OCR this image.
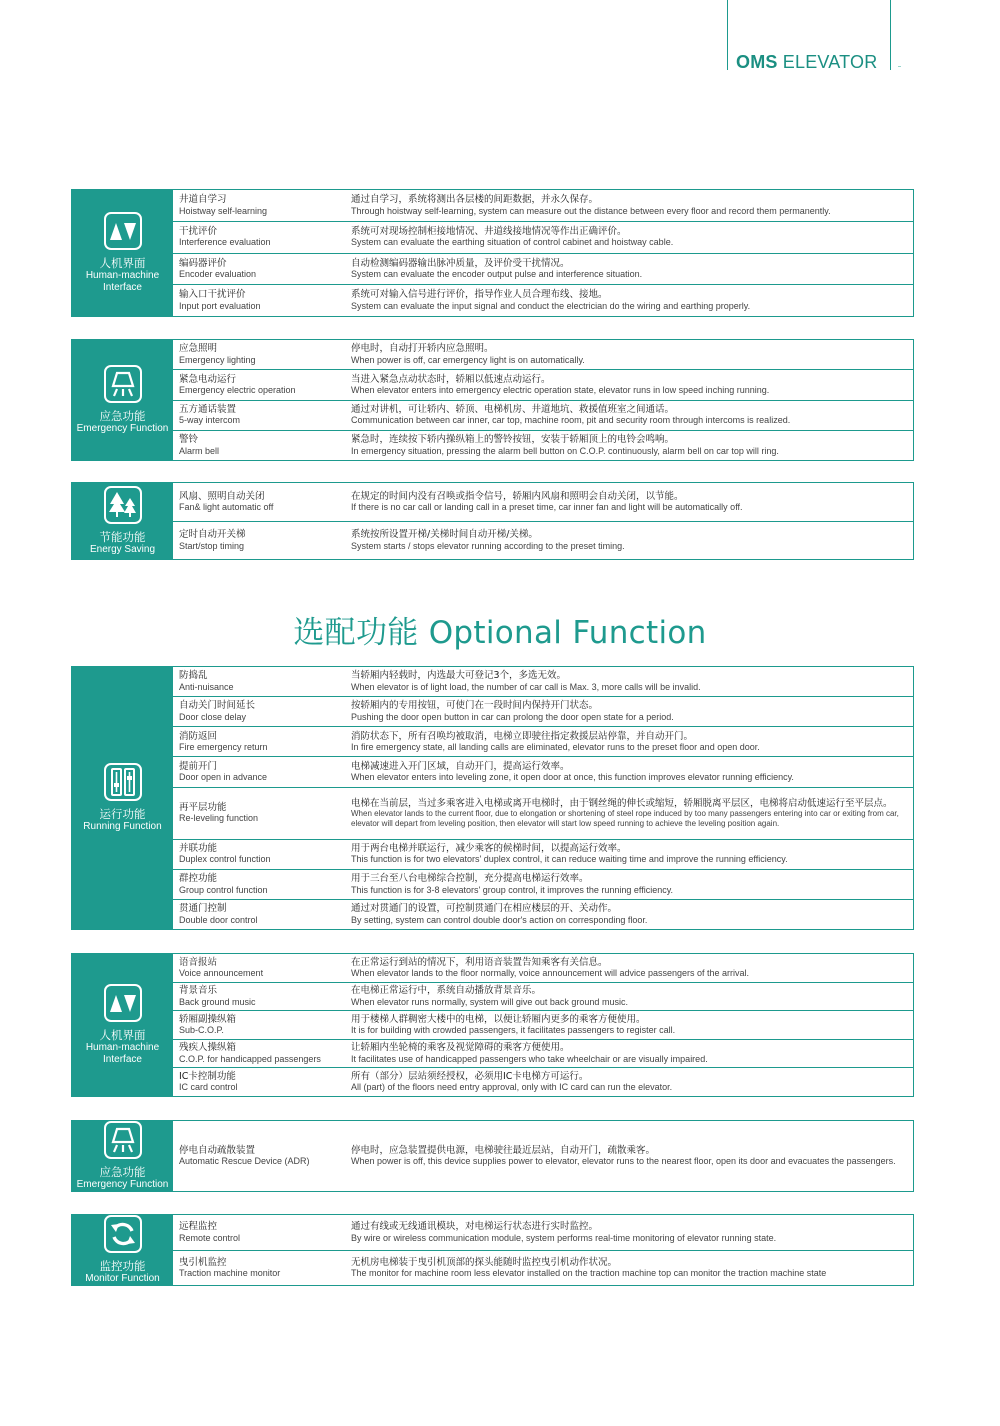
OMS ELEVATOR
人机界面
Human-machine Interface
井道自学习
Hoistway self-learning
通过自学习，系统将测出各层楼的间距数据，并永久保存。
Through hoistway self-learning, system can measure out the distance between every floor and record them permanently.
干扰评价
Interference evaluation
系统可对现场控制柜接地情况、井道线接地情况等作出正确评价。
System can evaluate the earthing situation of control cabinet and hoistway cable.
编码器评价
Encoder evaluation
自动检测编码器输出脉冲质量，及评价受干扰情况。
System can evaluate the encoder output pulse and interference situation.
输入口干扰评价
Input port evaluation
系统可对输入信号进行评价，指导作业人员合理布线、接地。
System can evaluate the input signal and conduct the electrician do the wiring and earthing properly.
应急功能
Emergency Function
应急照明
Emergency lighting
停电时，自动打开轿内应急照明。
When power is off, car emergency light is on automatically.
紧急电动运行
Emergency electric operation
当进入紧急点动状态时，轿厢以低速点动运行。
When elevator enters into emergency electric operation state, elevator runs in low speed inching running.
五方通话装置
5-way intercom
通过对讲机，可让轿内、轿顶、电梯机房、井道地坑、救援值班室之间通话。
Communication between car inner, car top, machine room, pit and security room through intercoms is realized.
警铃
Alarm bell
紧急时，连续按下轿内操纵箱上的警铃按钮，安装于轿厢顶上的电铃会鸣响。
In emergency situation, pressing the alarm bell button on C.O.P. continuously, alarm bell on car top will ring.
节能功能
Energy Saving
风扇、照明自动关闭
Fan& light automatic off
在规定的时间内没有召唤或指令信号，轿厢内风扇和照明会自动关闭，以节能。
If there is no car call or landing call in a preset time, car inner fan and light will be automatically off.
定时自动开关梯
Start/stop timing
系统按所设置开梯/关梯时间自动开梯/关梯。
System starts / stops elevator running according to the preset timing.
选配功能 Optional Function
运行功能
Running Function
防捣乱
Anti-nuisance
当轿厢内轻载时，内选最大可登记3个，多选无效。
When elevator is of light load, the number of car call is Max. 3, more calls will be invalid.
自动关门时间延长
Door close delay
按轿厢内的专用按钮，可使门在一段时间内保持开门状态。
Pushing the door open button in car can prolong the door open state for a period.
消防返回
Fire emergency return
消防状态下，所有召唤均被取消，电梯立即驶往指定救援层站停靠，并自动开门。
In fire emergency state, all landing calls are eliminated, elevator runs to the preset floor and open door.
提前开门
Door open in advance
电梯减速进入开门区域，自动开门，提高运行效率。
When elevator enters into leveling zone, it open door at once, this function improves elevator running efficiency.
再平层功能
Re-leveling function
电梯在当前层，当过多乘客进入电梯或离开电梯时，由于钢丝绳的伸长或缩短，轿厢脱离平层区，电梯将启动低速运行至平层点。
When elevator lands to the current floor, due to elongation or shortening of steel rope induced by too many passengers entering into car or exiting from car, elevator will depart from leveling position, then elevator will start low speed running to achieve the leveling position again.
并联功能
Duplex control function
用于两台电梯并联运行，减少乘客的候梯时间，以提高运行效率。
This function is for two elevators' duplex control, it can reduce waiting time and improve the running efficiency.
群控功能
Group control function
用于三台至八台电梯综合控制，充分提高电梯运行效率。
This function is for 3-8 elevators' group control, it improves the running efficiency.
贯通门控制
Double door control
通过对贯通门的设置，可控制贯通门在相应楼层的开、关动作。
By setting, system can control double door's action on corresponding floor.
人机界面
Human-machine Interface
语音报站
Voice announcement
在正常运行到站的情况下，利用语音装置告知乘客有关信息。
When elevator lands to the floor normally, voice announcement will advice passengers of the arrival.
背景音乐
Back ground music
在电梯正常运行中，系统自动播放背景音乐。
When elevator runs normally, system will give out back ground music.
轿厢副操纵箱
Sub-C.O.P.
用于楼梯人群稠密大楼中的电梯，以便让轿厢内更多的乘客方便使用。
It is for building with crowded passengers, it facilitates passengers to register call.
残疾人操纵箱
C.O.P. for handicapped passengers
让轿厢内坐轮椅的乘客及视觉障碍的乘客方便使用。
It facilitates use of handicapped passengers who take wheelchair or are visually impaired.
IC卡控制功能
IC card control
所有（部分）层站须经授权，必须用IC卡电梯方可运行。
All (part) of the floors need entry approval, only with IC card can run the elevator.
应急功能
Emergency Function
停电自动疏散装置
Automatic Rescue Device (ADR)
停电时，应急装置提供电源，电梯驶往最近层站，自动开门，疏散乘客。
When power is off, this device supplies power to elevator, elevator runs to the nearest floor, open its door and evacuates the passengers.
监控功能
Monitor Function
远程监控
Remote control
通过有线或无线通讯模块，对电梯运行状态进行实时监控。
By wire or wireless communication module, system performs real-time monitoring of elevator running state.
曳引机监控
Traction machine monitor
无机房电梯装于曳引机顶部的探头能随时监控曳引机动作状况。
The monitor for machine room less elevator installed on the traction machine top can monitor the traction machine state
